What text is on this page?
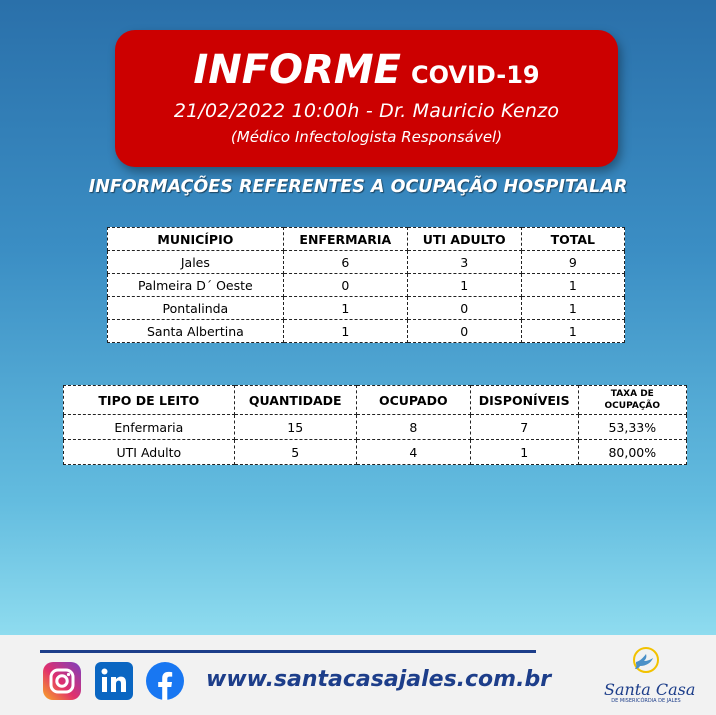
INFORME COVID-19
21/02/2022 10:00h - Dr. Mauricio Kenzo
(Médico Infectologista Responsável)
INFORMAÇÕES REFERENTES A OCUPAÇÃO HOSPITALAR
MUNICÍPIO	ENFERMARIA	UTI ADULTO	TOTAL
Jales	6	3	9
Palmeira D´ Oeste	0	1	1
Pontalinda	1	0	1
Santa Albertina	1	0	1
TIPO DE LEITO	QUANTIDADE	OCUPADO	DISPONÍVEIS	TAXA DE
OCUPAÇÃO
Enfermaria	15	8	7	53,33%
UTI Adulto	5	4	1	80,00%
www.santacasajales.com.br	Santa Casa
DE MISERICÓRDIA DE JALES
